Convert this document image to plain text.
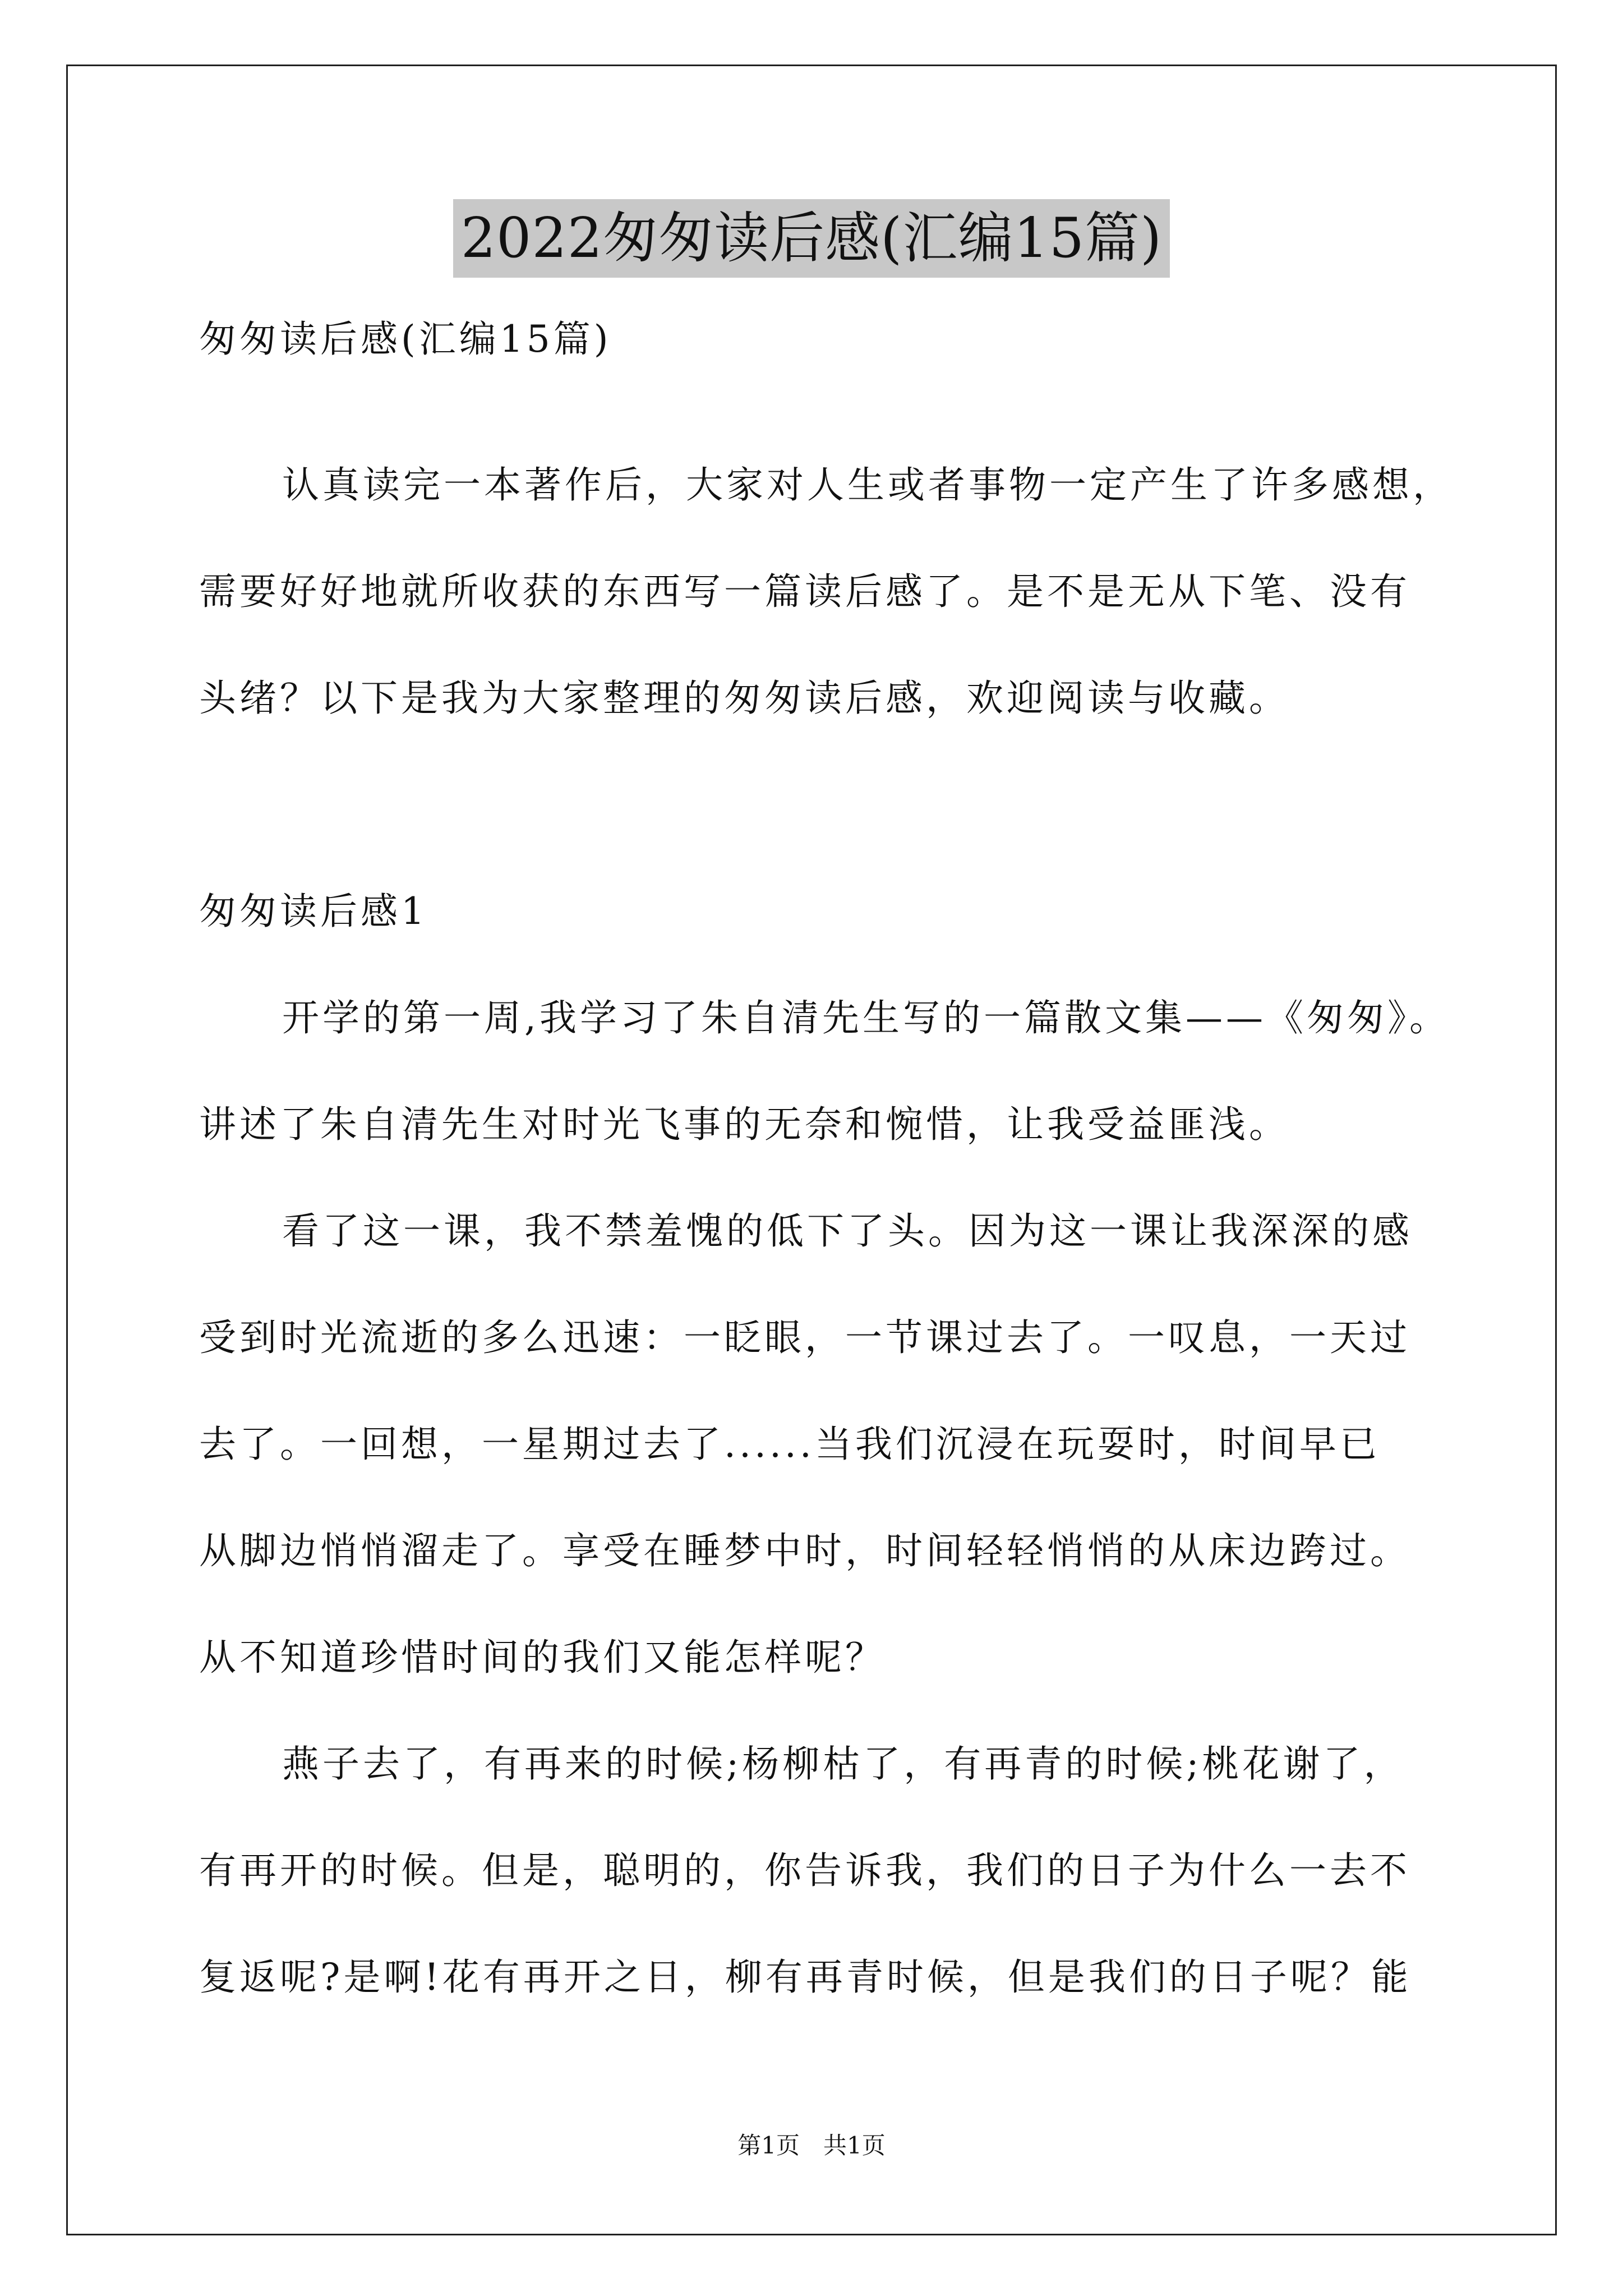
2022匆匆读后感(汇编15篇)
匆匆读后感(汇编15篇)
认真读完一本著作后，大家对人生或者事物一定产生了许多感想，
需要好好地就所收获的东西写一篇读后感了。是不是无从下笔、没有
头绪？以下是我为大家整理的匆匆读后感，欢迎阅读与收藏。
匆匆读后感1
开学的第一周,我学习了朱自清先生写的一篇散文集——《匆匆》。
讲述了朱自清先生对时光飞事的无奈和惋惜，让我受益匪浅。
看了这一课，我不禁羞愧的低下了头。因为这一课让我深深的感
受到时光流逝的多么迅速：一眨眼，一节课过去了。一叹息，一天过
去了。一回想，一星期过去了......当我们沉浸在玩耍时，时间早已
从脚边悄悄溜走了。享受在睡梦中时，时间轻轻悄悄的从床边跨过。
从不知道珍惜时间的我们又能怎样呢？
燕子去了，有再来的时候;杨柳枯了，有再青的时候;桃花谢了，
有再开的时候。但是，聪明的，你告诉我，我们的日子为什么一去不
复返呢?是啊!花有再开之日，柳有再青时候，但是我们的日子呢？能
第1页　共1页
